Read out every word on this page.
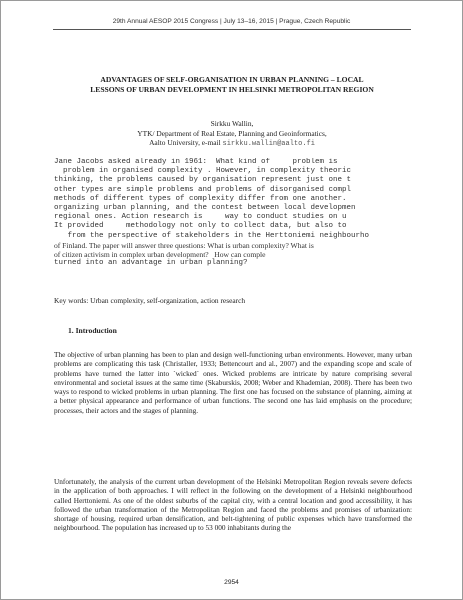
29th Annual AESOP 2015 Congress | July 13–16, 2015 | Prague, Czech Republic
ADVANTAGES OF SELF-ORGANISATION IN URBAN PLANNING – LOCAL
LESSONS OF URBAN DEVELOPMENT IN HELSINKI METROPOLITAN REGION
Sirkku Wallin,
YTK/ Department of Real Estate, Planning and Geoinformatics,
Aalto University, e-mail sirkku.wallin@aalto.fi
Jane Jacobs asked already in 1961:  What kind of     problem is
problem in organised complexity . However, in complexity theoric
thinking, the problems caused by organisation represent just one t
other types are simple problems and problems of disorganised compl
methods of different types of complexity differ from one another.
organizing urban planning, and the contest between local developmen
regional ones. Action research is     way to conduct studies on u
It provided     methodology not only to collect data, but also to
from the perspective of stakeholders in the Herttoniemi neighbourho
of Finland. The paper will answer three questions: What is urban complexity? What is
of citizen activism in complex urban development?   How can comple
turned into an advantage in urban planning?
Key words: Urban complexity, self-organization, action research
1. Introduction
The objective of urban planning has been to plan and design well-functioning urban environments. However, many urban problems are complicating this task (Christaller, 1933; Bettencourt and al., 2007) and the expanding scope and scale of problems have turned the latter into ´wicked´ ones. Wicked problems are intricate by nature comprising several environmental and societal issues at the same time (Skaburskis, 2008; Weber and Khademian, 2008). There has been two ways to respond to wicked problems in urban planning. The first one has focused on the substance of planning, aiming at a better physical appearance and performance of urban functions. The second one has laid emphasis on the procedure; processes, their actors and the stages of planning.
Unfortunately, the analysis of the current urban development of the Helsinki Metropolitan Region reveals severe defects in the application of both approaches. I will reflect in the following on the development of a Helsinki neighbourhood called Herttoniemi. As one of the oldest suburbs of the capital city, with a central location and good accessibility, it has followed the urban transformation of the Metropolitan Region and faced the problems and promises of urbanization: shortage of housing, required urban densification, and belt-tightening of public expenses which have transformed the neighbourhood. The population has increased up to 53 000 inhabitants during the
2954
